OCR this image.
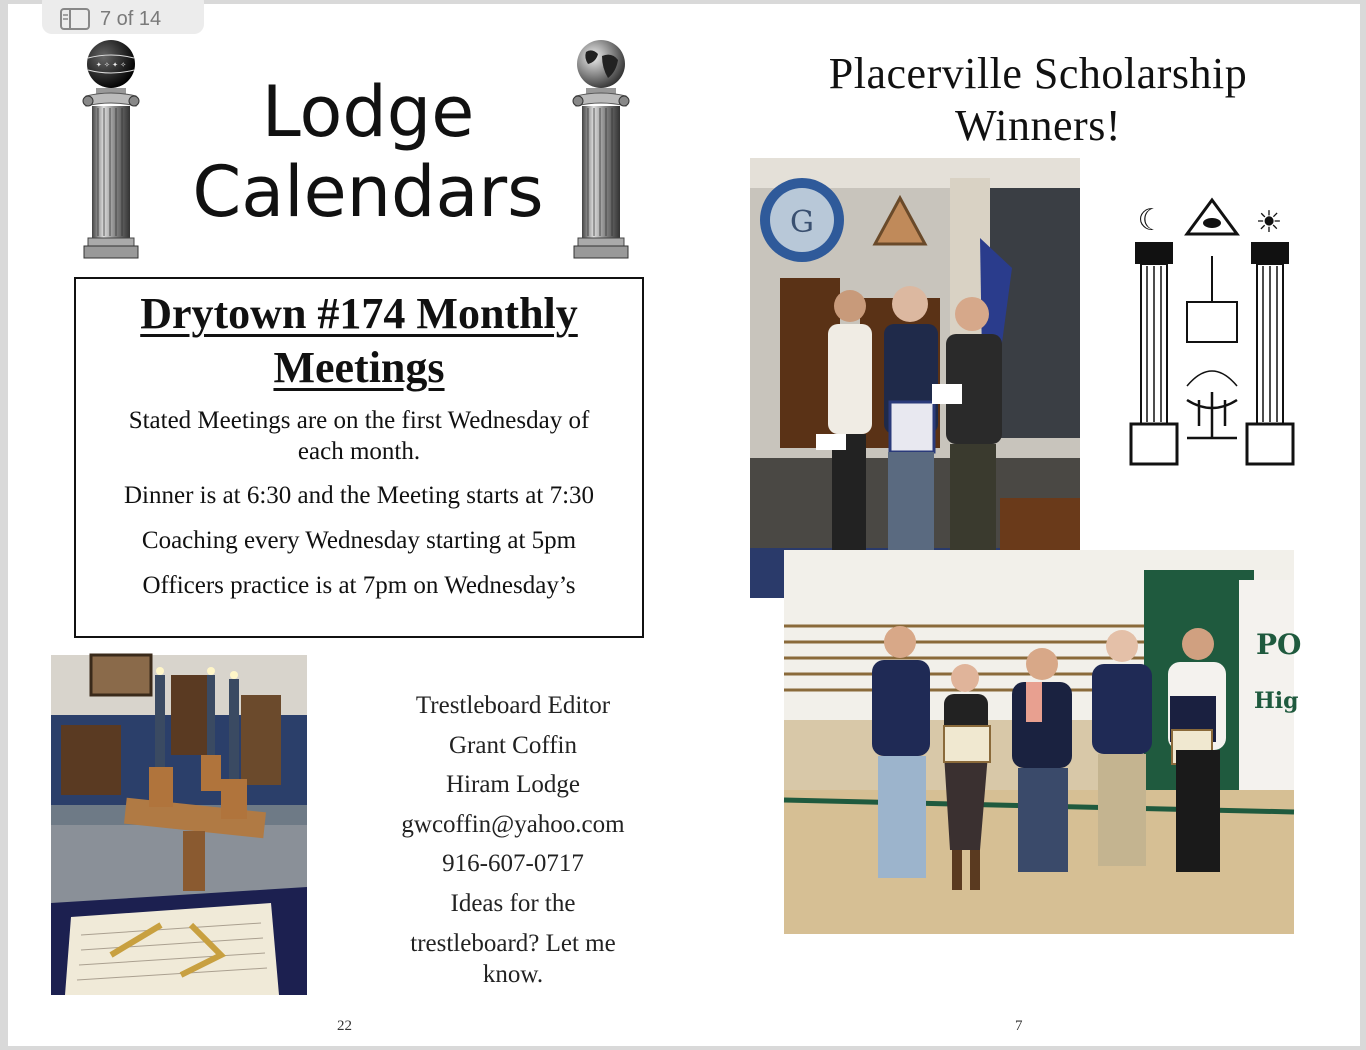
7 of 14
✦ ✧ ✦ ✧
Lodge
Calendars
Drytown #174 Monthly
Meetings
Stated Meetings are on the first Wednesday of each month.
Dinner is at 6:30 and the Meeting starts at 7:30
Coaching every Wednesday starting at 5pm
Officers practice is at 7pm on Wednesday’s
Trestleboard Editor
Grant Coffin
Hiram Lodge
gwcoffin@yahoo.com
916-607-0717
Ideas for the
trestleboard? Let me
know.
22
Placerville Scholarship
Winners!
G	☾	☀
PO
Hig
7
